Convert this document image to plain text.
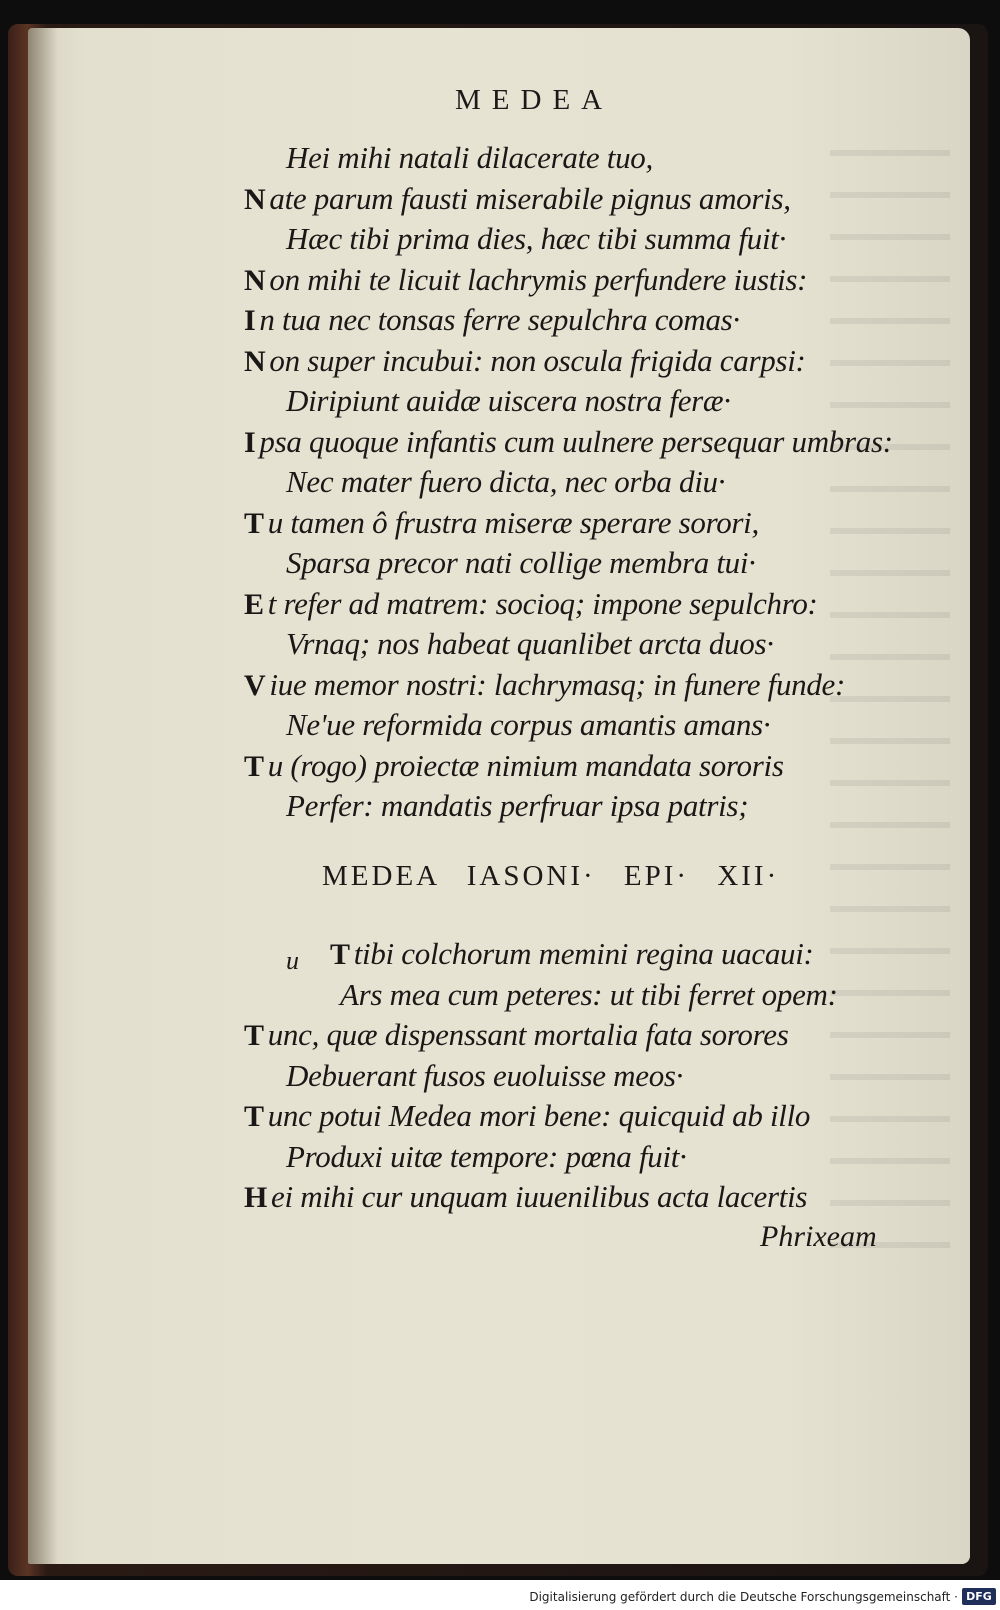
MEDEA
Hei mihi natali dilacerate tuo,
N ate parum fausti miserabile pignus amoris,
Hæc tibi prima dies, hæc tibi summa fuit·
N on mihi te licuit lachrymis perfundere iustis:
I n tua nec tonsas ferre sepulchra comas·
N on super incubui: non oscula frigida carpsi:
Diripiunt auidæ uiscera nostra feræ·
I psa quoque infantis cum uulnere persequar umbras:
Nec mater fuero dicta, nec orba diu·
T u tamen ô frustra miseræ sperare sorori,
Sparsa precor nati collige membra tui·
E t refer ad matrem: socioq; impone sepulchro:
Vrnaq; nos habeat quanlibet arcta duos·
V iue memor nostri: lachrymasq; in funere funde:
Ne'ue reformida corpus amantis amans·
T u (rogo) proiectæ nimium mandata sororis
Perfer: mandatis perfruar ipsa patris;
T tibi colchorum memini regina uacaui:
Ars mea cum peteres: ut tibi ferret opem:
T unc, quæ dispenssant mortalia fata sorores
Debuerant fusos euoluisse meos·
T unc potui Medea mori bene: quicquid ab illo
Produxi uitæ tempore: pœna fuit·
H ei mihi cur unquam iuuenilibus acta lacertis
MEDEA IASONI· EPI· XII·
u
Phrixeam
Digitalisierung gefördert durch die Deutsche Forschungsgemeinschaft · DFG
